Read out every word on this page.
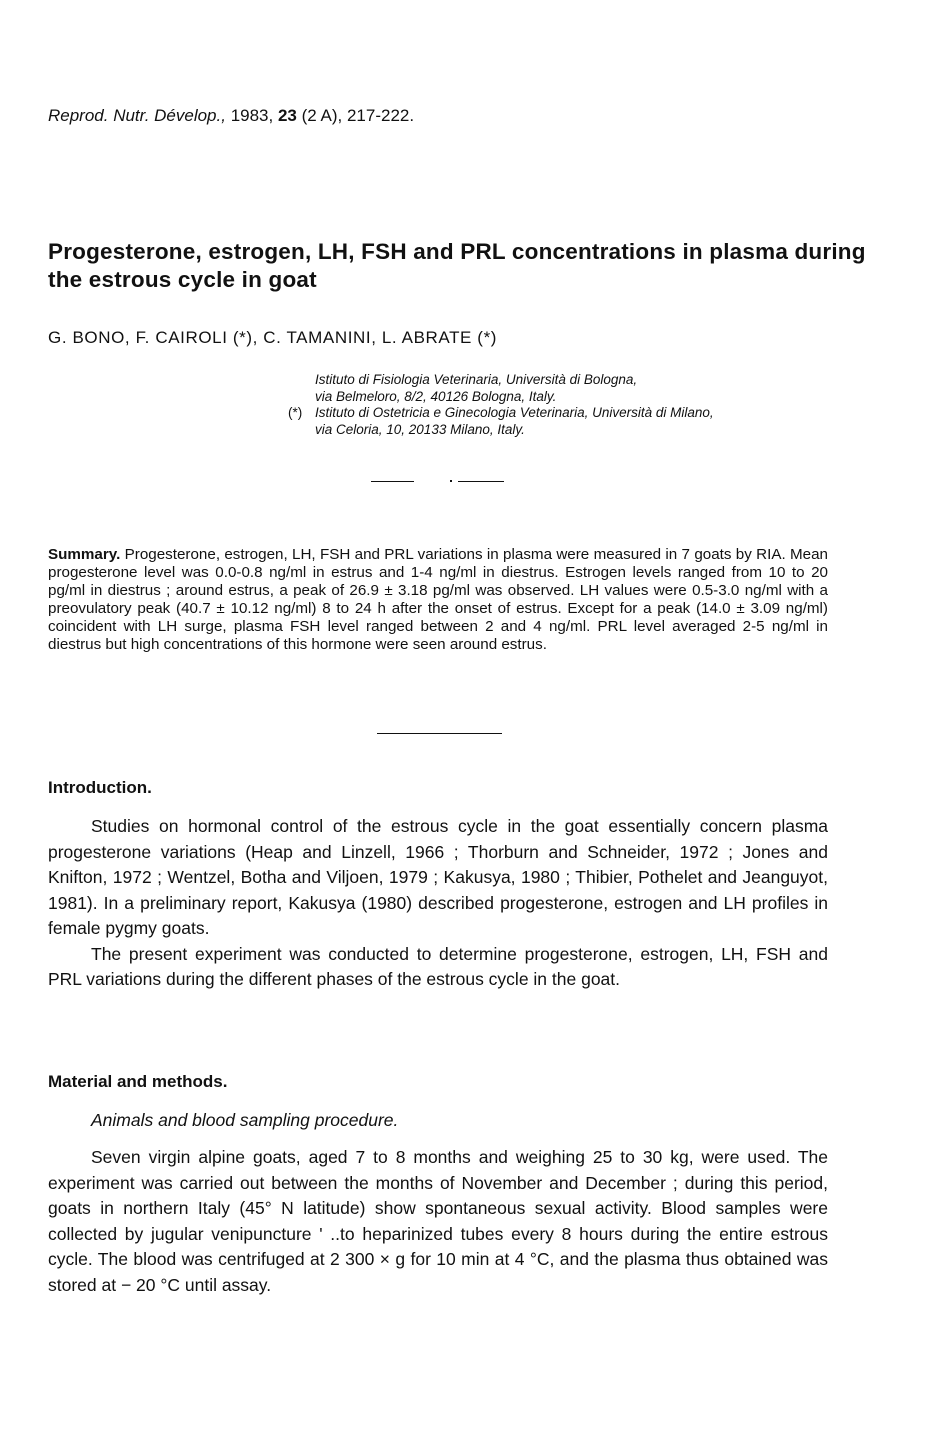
Reprod. Nutr. Dévelop., 1983, 23 (2 A), 217-222.
Progesterone, estrogen, LH, FSH and PRL concentrations in plasma during the estrous cycle in goat
G. BONO, F. CAIROLI (*), C. TAMANINI, L. ABRATE (*)
Istituto di Fisiologia Veterinaria, Università di Bologna,
via Belmeloro, 8/2, 40126 Bologna, Italy.
(*) Istituto di Ostetricia e Ginecologia Veterinaria, Università di Milano,
via Celoria, 10, 20133 Milano, Italy.
Summary. Progesterone, estrogen, LH, FSH and PRL variations in plasma were measured in 7 goats by RIA. Mean progesterone level was 0.0-0.8 ng/ml in estrus and 1-4 ng/ml in diestrus. Estrogen levels ranged from 10 to 20 pg/ml in diestrus ; around estrus, a peak of 26.9 ± 3.18 pg/ml was observed. LH values were 0.5-3.0 ng/ml with a preovulatory peak (40.7 ± 10.12 ng/ml) 8 to 24 h after the onset of estrus. Except for a peak (14.0 ± 3.09 ng/ml) coincident with LH surge, plasma FSH level ranged between 2 and 4 ng/ml. PRL level averaged 2-5 ng/ml in diestrus but high concentrations of this hormone were seen around estrus.
Introduction.

Studies on hormonal control of the estrous cycle in the goat essentially concern plasma progesterone variations (Heap and Linzell, 1966 ; Thorburn and Schneider, 1972 ; Jones and Knifton, 1972 ; Wentzel, Botha and Viljoen, 1979 ; Kakusya, 1980 ; Thibier, Pothelet and Jeanguyot, 1981). In a preliminary report, Kakusya (1980) described progesterone, estrogen and LH profiles in female pygmy goats.

The present experiment was conducted to determine progesterone, estrogen, LH, FSH and PRL variations during the different phases of the estrous cycle in the goat.

Material and methods.
Animals and blood sampling procedure.

Seven virgin alpine goats, aged 7 to 8 months and weighing 25 to 30 kg, were used. The experiment was carried out between the months of November and December ; during this period, goats in northern Italy (45° N latitude) show spontaneous sexual activity. Blood samples were collected by jugular venipuncture ' ..to heparinized tubes every 8 hours during the entire estrous cycle. The blood was centrifuged at 2 300 × g for 10 min at 4 °C, and the plasma thus obtained was stored at − 20 °C until assay.
